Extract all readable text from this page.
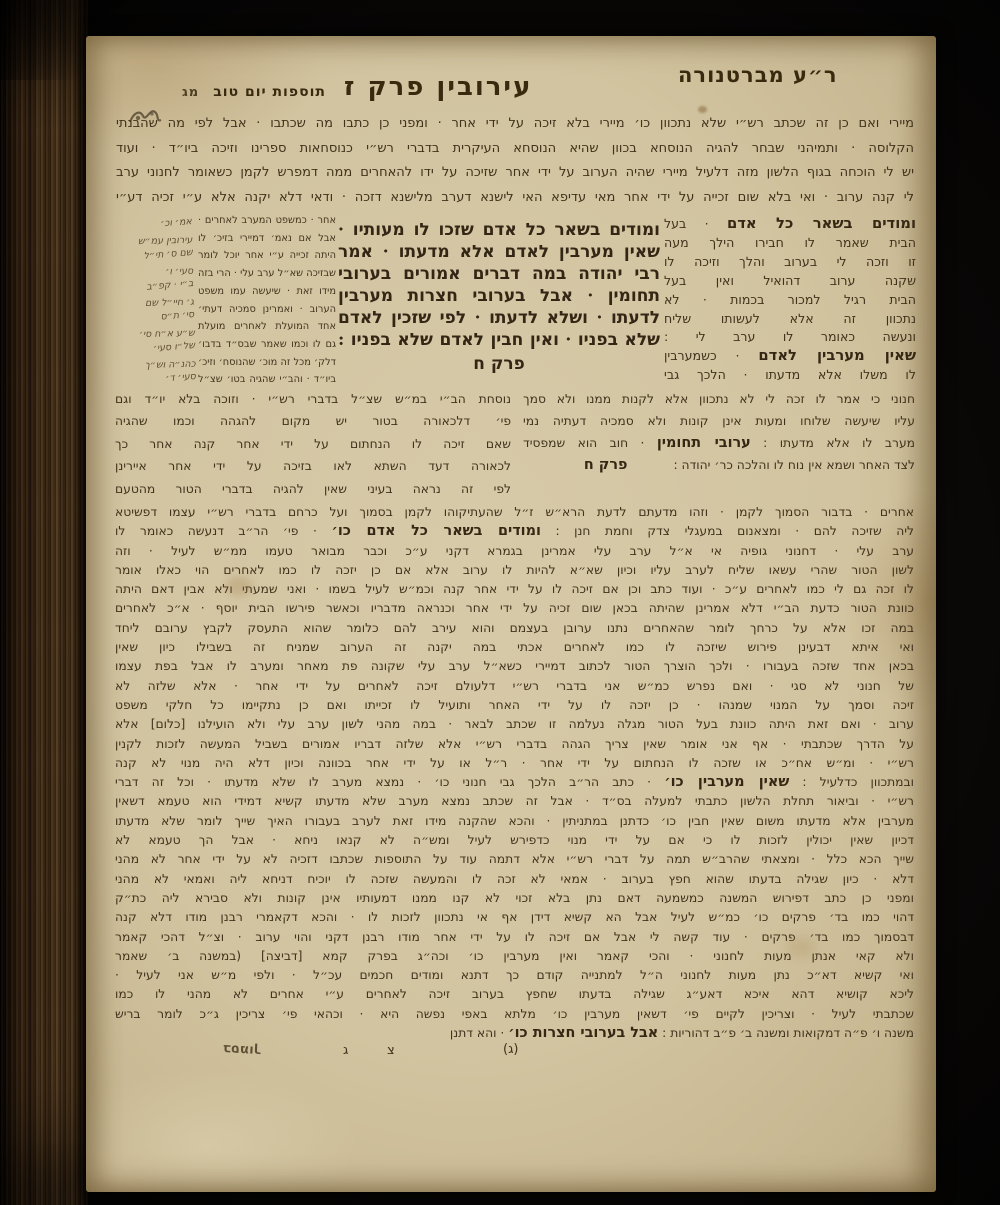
ר״ע מברטנורה
עירובין פרק ז
תוספות יום טובמג
מיירי ואם כן זה שכתב רש״י שלא נתכוון כו׳ מיירי בלא זיכה על ידי אחר · ומפני כן כתבו מה שכתבו · אבל לפי מה שהבנתי
הקלוסה · ותמיהני שבחר להגיה הנוסחא בכוון שהיא הנוסחא העיקרית בדברי רש״י כנוסחאות ספרינו וזיכה ביו״ד · ועוד
יש לי הוכחה בגוף הלשון מזה דלעיל מיירי שהיה הערוב על ידי אחר שזיכה על ידו להאחרים ממה דמפרש לקמן כשאומר לחנוני ערב
לי קנה ערוב · ואי בלא שום זכייה על ידי אחר מאי עדיפא האי לישנא דערב מלישנא דזכה · ודאי דלא יקנה אלא ע״י זכיה דע״י
אמ׳ וכ׳
עירובין עמ״ש
שם ס׳ תי״ל
סעי׳ ו׳
ב״י · קפ״ב
ג׳ חיי״ל שם
סי׳ ת״ס
ש״ע א״ח סי׳
של״ו סעי׳
כהנ״ה וש״ך
סעי׳ ד׳
אחר · כמשפט המערב לאחרים ·
אבל אם נאמ׳ דמיירי בזיכ׳ לו
היתה זכייה ע״י אחר יוכל לומר
שבזיכה שא״ל ערב עלי · הרי בזה
מידו זאת · שיעשה עמו משפט
הערוב · ואמרינן סמכיה דעתי׳
אחד המועלת לאחרים מועלת
גם לו וכמו שאמר שבס״ד בדבו׳
דלק׳ מכל זה מוכ׳ שהנוסח׳ וזיכ׳
ביו״ד · והב״י שהגיה בטו׳ שצ״ל
ומודים בשאר כל אדם שזכו לו מעותיו ·
שאין מערבין לאדם אלא מדעתו · אמר
רבי יהודה במה דברים אמורים בערובי
תחומין · אבל בערובי חצרות מערבין
לדעתו · ושלא לדעתו · לפי שזכין לאדם
שלא בפניו · ואין חבין לאדם שלא בפניו :
פרק ח
ומודים בשאר כל אדם · בעל
הבית שאמר לו חבירו הילך מעה
זו וזכה לי בערוב והלך וזיכה לו
שקנה ערוב דהואיל ואין בעל
הבית רגיל למכור בכמות · לא
נתכוון זה אלא לעשותו שליח
ונעשה כאומר לו ערב לי :
שאין מערבין לאדם · כשמערבין
לו משלו אלא מדעתו · הלכך גבי
נוסחת הב״י במ״ש שצ״ל בדברי רש״י · וזוכה בלא יו״ד וגם
פי׳ דלכאורה בטור יש מקום להגהה וכמו שהגיה
שאם זיכה לו הנחתום על ידי אחר קנה אחר כך
לכאורה דעד השתא לאו בזיכה על ידי אחר איירינן
לפי זה נראה בעיני שאין להגיה בדברי הטור מהטעם
חנוני כי אמר לו זכה לי לא נתכוון אלא לקנות ממנו ולא סמך
עליו שיעשה שלוחו ומעות אינן קונות ולא סמכיה דעתיה נמי
מערב לו אלא מדעתו : ערובי תחומין · חוב הוא שמפסיד
לצד האחר ושמא אין נוח לו והלכה כר׳ יהודה :פרק ח
אחרים · בדבור הסמוך לקמן · וזהו מדעתם לדעת הרא״ש ז״ל שהעתיקוהו לקמן בסמוך ועל כרחם בדברי רש״י עצמו דפשיטא
ליה שזיכה להם · ומצאנום במעגלי צדק וחמת חנן : ומודים בשאר כל אדם כו׳ · פי׳ הר״ב דנעשה כאומר לו
ערב עלי · דחנוני גופיה אי א״ל ערב עלי אמרינן בגמרא דקני ע״כ וכבר מבואר טעמו ממ״ש לעיל · וזה
לשון הטור שהרי עשאו שליח לערב עליו וכיון שא״א להיות לו ערוב אלא אם כן יזכה לו כמו לאחרים הוי כאלו אומר
לו זכה גם לי כמו לאחרים ע״כ · ועוד כתב וכן אם זיכה לו על ידי אחר קנה וכמ״ש לעיל בשמו · ואני שמעתי ולא אבין דאם היתה
כוונת הטור כדעת הב״י דלא אמרינן שהיתה בכאן שום זכיה על ידי אחר וכנראה מדבריו וכאשר פירשו הבית יוסף · א״כ לאחרים
במה זכו אלא על כרחך לומר שהאחרים נתנו ערובן בעצמם והוא עירב להם כלומר שהוא התעסק לקבץ ערובם ליחד
ואי איתא דבעינן פירוש שיזכה לו כמו לאחרים אכתי במה יקנה זה הערוב שמניח זה בשבילו כיון שאין
בכאן אחד שזכה בעבורו · ולכך הוצרך הטור לכתוב דמיירי כשא״ל ערב עלי שקונה פת מאחר ומערב לו אבל בפת עצמו
של חנוני לא סגי · ואם נפרש כמ״ש אני בדברי רש״י דלעולם זיכה לאחרים על ידי אחר · אלא שלזה לא
זיכה וסמך על המנוי שמנהו · כן יזכה לו על ידי האחר ותועיל לו זכייתו ואם כן נתקיימו כל חלקי משפט
ערוב · ואם זאת היתה כוונת בעל הטור מגלה נעלמה זו שכתב לבאר · במה מהני לשון ערב עלי ולא הועילנו [כלום] אלא
על הדרך שכתבתי · אף אני אומר שאין צריך הגהה בדברי רש״י אלא שלזה דבריו אמורים בשביל המעשה לזכות לקנין
רש״י · ומ״ש אח״כ או שזכה לו הנחתום על ידי אחר · ר״ל או על ידי אחר בכוונה וכיון דלא היה מנוי לא קנה
ובמתכוון כדלעיל : שאין מערבין כו׳ · כתב הר״ב הלכך גבי חנוני כו׳ · נמצא מערב לו שלא מדעתו · וכל זה דברי
רש״י · וביאור תחלת הלשון כתבתי למעלה בס״ד · אבל זה שכתב נמצא מערב שלא מדעתו קשיא דמידי הוא טעמא דשאין
מערבין אלא מדעתו משום שאין חבין כו׳ כדתנן במתניתין · והכא שהקנה מידו זאת לערב בעבורו האיך שייך לומר שלא מדעתו
דכיון שאין יכולין לזכות לו כי אם על ידי מנוי כדפירש לעיל ומש״ה לא קנאו ניחא · אבל הך טעמא לא
שייך הכא כלל · ומצאתי שהרב״ש תמה על דברי רש״י אלא דתמה עוד על התוספות שכתבו דזכיה לא על ידי אחר לא מהני
דלא · כיון שגילה בדעתו שהוא חפץ בערוב · אמאי לא זכה לו והמעשה שזכה לו יוכיח דניחא ליה ואמאי לא מהני
ומפני כן כתב דפירוש המשנה כמשמעה דאם נתן בלא זכוי לא קנו ממנו דמעותיו אינן קונות ולא סבירא ליה כת״ק
דהוי כמו בד׳ פרקים כו׳ כמ״ש לעיל אבל הא קשיא דידן אף אי נתכוון לזכות לו · והכא דקאמרי רבנן מודו דלא קנה
דבסמוך כמו בד׳ פרקים · עוד קשה לי אבל אם זיכה לו על ידי אחר מודו רבנן דקני והוי ערוב · וצ״ל דהכי קאמר
ולא קאי אנתן מעות לחנוני · והכי קאמר ואין מערבין כו׳ וכה״ג בפרק קמא [דביצה] (במשנה ב׳ שאמר
ואי קשיא דא״כ נתן מעות לחנוני ה״ל למתנייה קודם כך דתנא ומודים חכמים עכ״ל · ולפי מ״ש אני לעיל ·
ליכא קושיא דהא איכא דאע״ג שגילה בדעתו שחפץ בערוב זיכה לאחרים ע״י אחרים לא מהני לו כמו
שכתבתי לעיל · וצריכין לקיים פי׳ דשאין מערבין כו׳ מלתא באפי נפשה היא · וכהאי פי׳ צריכין ג״כ לומר בריש
משנה ו׳ פ״ה דמקואות ומשנה ב׳ פ״ב דהוריות : אבל בערובי חצרות כו׳ · והא דתנן
(ג)
צ
ג
בסמוך
